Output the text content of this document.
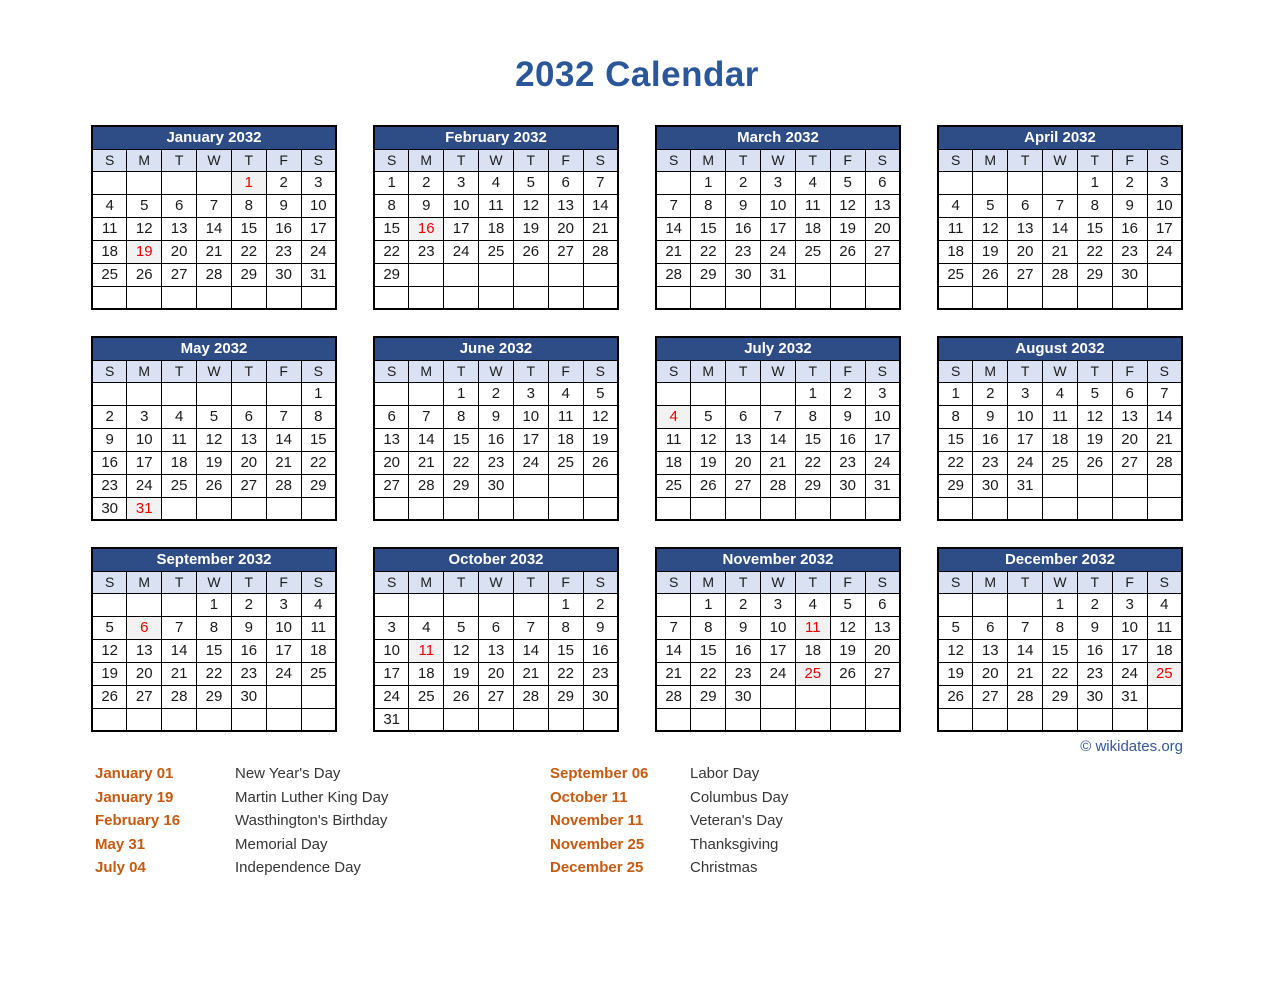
2032 Calendar
January 2032						
S	M	T	W	T	F	S
				1	2	3
4	5	6	7	8	9	10
11	12	13	14	15	16	17
18	19	20	21	22	23	24
25	26	27	28	29	30	31

February 2032						
S	M	T	W	T	F	S
1	2	3	4	5	6	7
8	9	10	11	12	13	14
15	16	17	18	19	20	21
22	23	24	25	26	27	28
29						

March 2032						
S	M	T	W	T	F	S
	1	2	3	4	5	6
7	8	9	10	11	12	13
14	15	16	17	18	19	20
21	22	23	24	25	26	27
28	29	30	31			

April 2032						
S	M	T	W	T	F	S
				1	2	3
4	5	6	7	8	9	10
11	12	13	14	15	16	17
18	19	20	21	22	23	24
25	26	27	28	29	30	

May 2032						
S	M	T	W	T	F	S
						1
2	3	4	5	6	7	8
9	10	11	12	13	14	15
16	17	18	19	20	21	22
23	24	25	26	27	28	29
30	31					
June 2032						
S	M	T	W	T	F	S
		1	2	3	4	5
6	7	8	9	10	11	12
13	14	15	16	17	18	19
20	21	22	23	24	25	26
27	28	29	30			

July 2032						
S	M	T	W	T	F	S
				1	2	3
4	5	6	7	8	9	10
11	12	13	14	15	16	17
18	19	20	21	22	23	24
25	26	27	28	29	30	31

August 2032						
S	M	T	W	T	F	S
1	2	3	4	5	6	7
8	9	10	11	12	13	14
15	16	17	18	19	20	21
22	23	24	25	26	27	28
29	30	31				

September 2032						
S	M	T	W	T	F	S
			1	2	3	4
5	6	7	8	9	10	11
12	13	14	15	16	17	18
19	20	21	22	23	24	25
26	27	28	29	30		

October 2032						
S	M	T	W	T	F	S
					1	2
3	4	5	6	7	8	9
10	11	12	13	14	15	16
17	18	19	20	21	22	23
24	25	26	27	28	29	30
31						
November 2032						
S	M	T	W	T	F	S
	1	2	3	4	5	6
7	8	9	10	11	12	13
14	15	16	17	18	19	20
21	22	23	24	25	26	27
28	29	30				

December 2032						
S	M	T	W	T	F	S
			1	2	3	4
5	6	7	8	9	10	11
12	13	14	15	16	17	18
19	20	21	22	23	24	25
26	27	28	29	30	31	

© wikidates.org
January 01	New Year's Day
January 19	Martin Luther King Day
February 16	Wasthington's Birthday
May 31	Memorial Day
July 04	Independence Day
September 06	Labor Day
October 11	Columbus Day
November 11	Veteran's Day
November 25	Thanksgiving
December 25	Christmas
